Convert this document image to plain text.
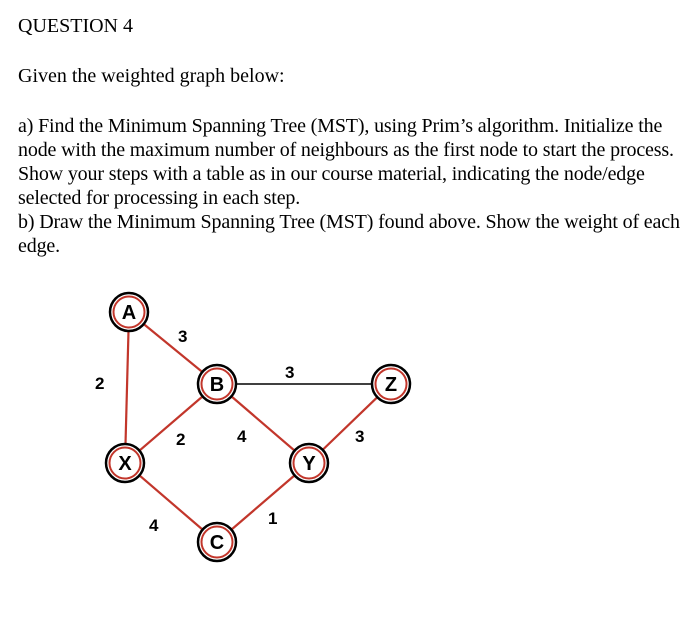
QUESTION 4
Given the weighted graph below:
a) Find the Minimum Spanning Tree (MST), using Prim’s algorithm. Initialize the node with the maximum number of neighbours as the first node to start the process. Show your steps with a table as in our course material, indicating the node/edge selected for processing in each step.
b) Draw the Minimum Spanning Tree (MST) found above. Show the weight of each edge.
3
2
2
3
4	3
4	1
A
B	Z
X	Y
C
